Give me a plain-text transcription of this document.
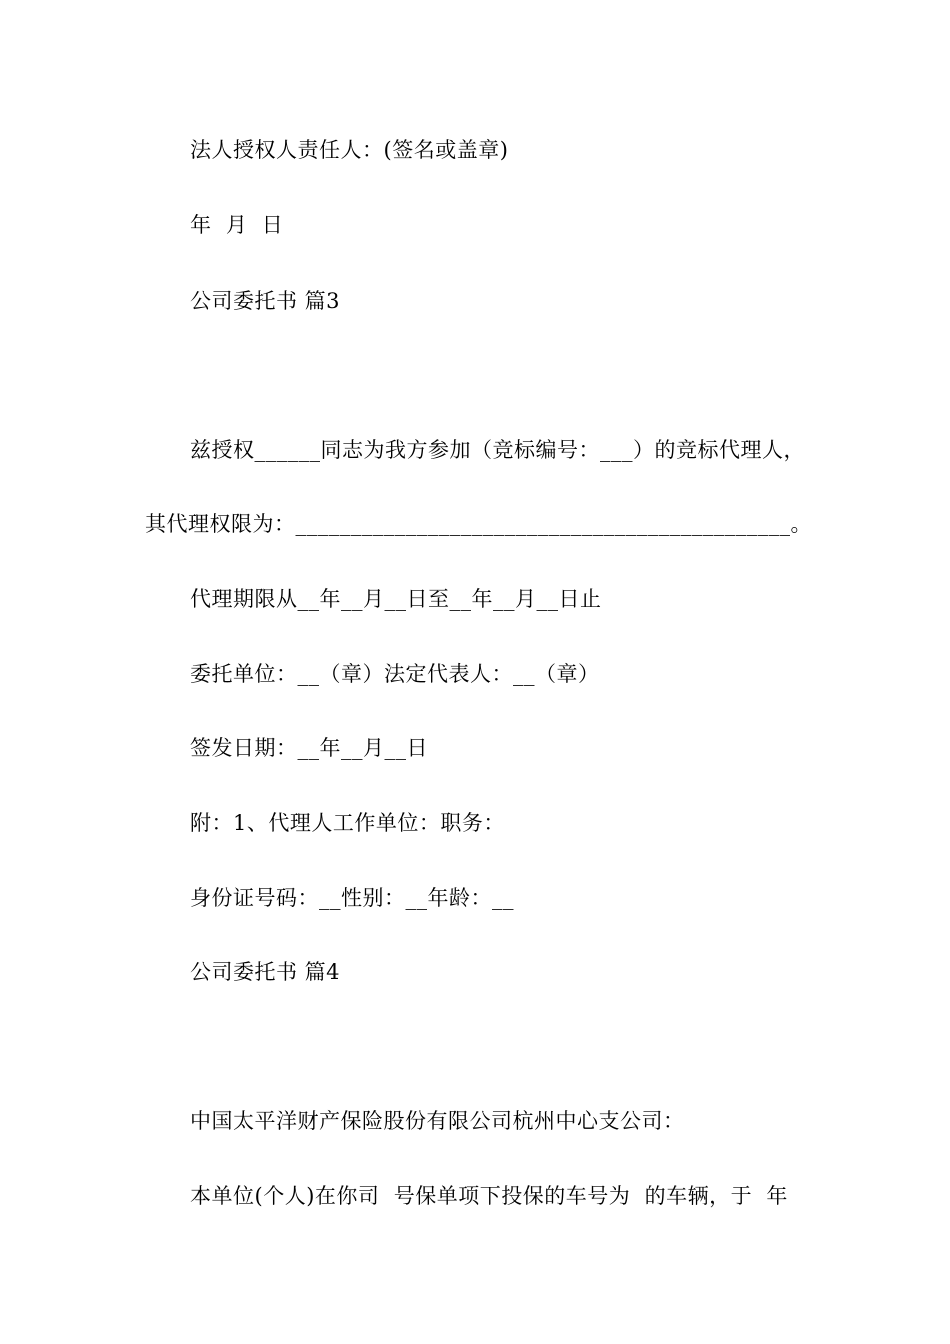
法人授权人责任人：(签名或盖章)
年  月  日
公司委托书 篇3
兹授权______同志为我方参加（竞标编号：___）的竞标代理人，
其代理权限为：_____________________________________________。
代理期限从__年__月__日至__年__月__日止
委托单位：__（章）法定代表人：__（章）
签发日期：__年__月__日
附：1、代理人工作单位：职务：
身份证号码：__性别：__年龄：__
公司委托书 篇4
中国太平洋财产保险股份有限公司杭州中心支公司：
本单位(个人)在你司  号保单项下投保的车号为  的车辆，于  年
